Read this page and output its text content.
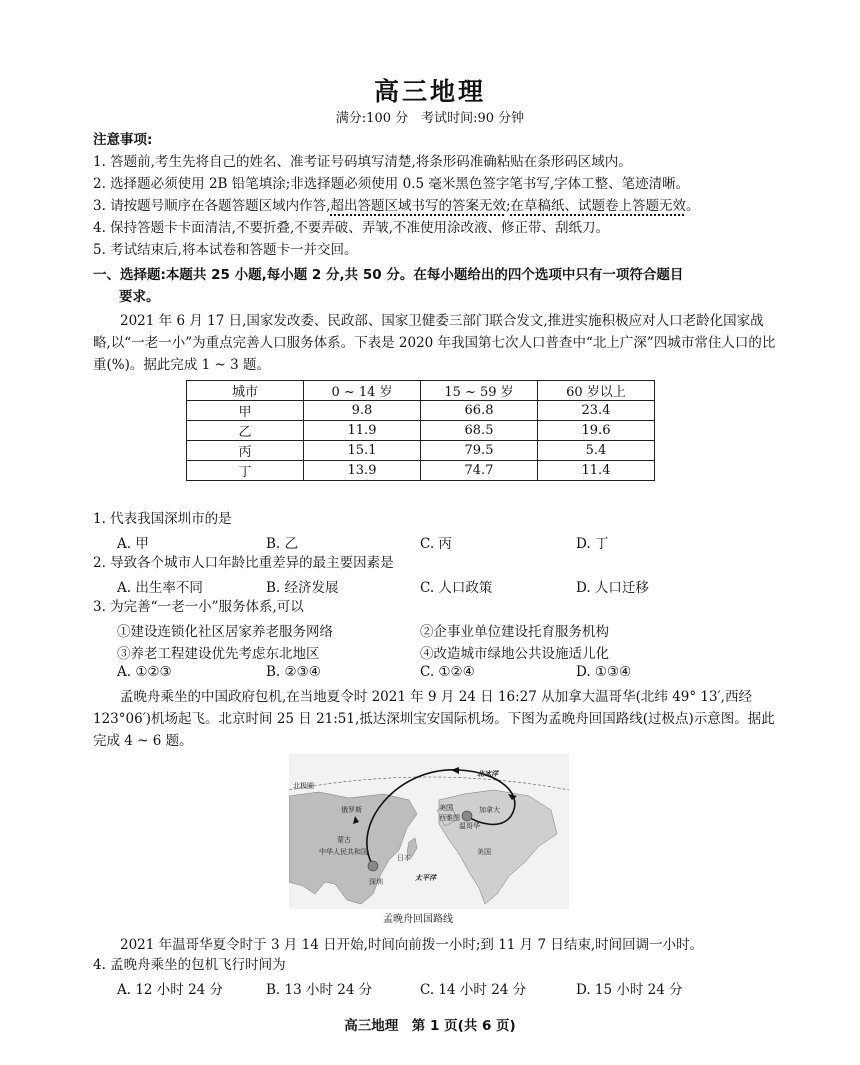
高三地理
满分:100 分　考试时间:90 分钟
注意事项:
1. 答题前,考生先将自己的姓名、准考证号码填写清楚,将条形码准确粘贴在条形码区域内。
2. 选择题必须使用 2B 铅笔填涂;非选择题必须使用 0.5 毫米黑色签字笔书写,字体工整、笔迹清晰。
3. 请按题号顺序在各题答题区域内作答,超出答题区域书写的答案无效;在草稿纸、试题卷上答题无效。
4. 保持答题卡卡面清洁,不要折叠,不要弄破、弄皱,不准使用涂改液、修正带、刮纸刀。
5. 考试结束后,将本试卷和答题卡一并交回。
一、选择题:本题共 25 小题,每小题 2 分,共 50 分。在每小题给出的四个选项中只有一项符合题目
要求。
2021 年 6 月 17 日,国家发改委、民政部、国家卫健委三部门联合发文,推进实施积极应对人口老龄化国家战略,以“一老一小”为重点完善人口服务体系。下表是 2020 年我国第七次人口普查中“北上广深”四城市常住人口的比重(%)。据此完成 1 ~ 3 题。
城市	0 ~ 14 岁	15 ~ 59 岁	60 岁以上
甲	9.8	66.8	23.4
乙	11.9	68.5	19.6
丙	15.1	79.5	5.4
丁	13.9	74.7	11.4
1. 代表我国深圳市的是
A. 甲	B. 乙	C. 丙	D. 丁
2. 导致各个城市人口年龄比重差异的最主要因素是
A. 出生率不同	B. 经济发展	C. 人口政策	D. 人口迁移
3. 为完善“一老一小”服务体系,可以
①建设连锁化社区居家养老服务网络	②企事业单位建设托育服务机构
③养老工程建设优先考虑东北地区	④改造城市绿地公共设施适儿化
A. ①②③	B. ②③④	C. ①②④	D. ①③④
孟晚舟乘坐的中国政府包机,在当地夏令时 2021 年 9 月 24 日 16:27 从加拿大温哥华(北纬 49° 13′,西经 123°06′)机场起飞。北京时间 25 日 21:51,抵达深圳宝安国际机场。下图为孟晚舟回国路线(过极点)示意图。据此完成 4 ~ 6 题。
北冰洋
北极圈
俄罗斯
蒙古
中华人民共和国
日本
太平洋
深圳
美国	加拿大
温哥华
西雅图
美国
孟晚舟回国路线
2021 年温哥华夏令时于 3 月 14 日开始,时间向前拨一小时;到 11 月 7 日结束,时间回调一小时。
4. 孟晚舟乘坐的包机飞行时间为
A. 12 小时 24 分	B. 13 小时 24 分	C. 14 小时 24 分	D. 15 小时 24 分
高三地理　第 1 页(共 6 页)
